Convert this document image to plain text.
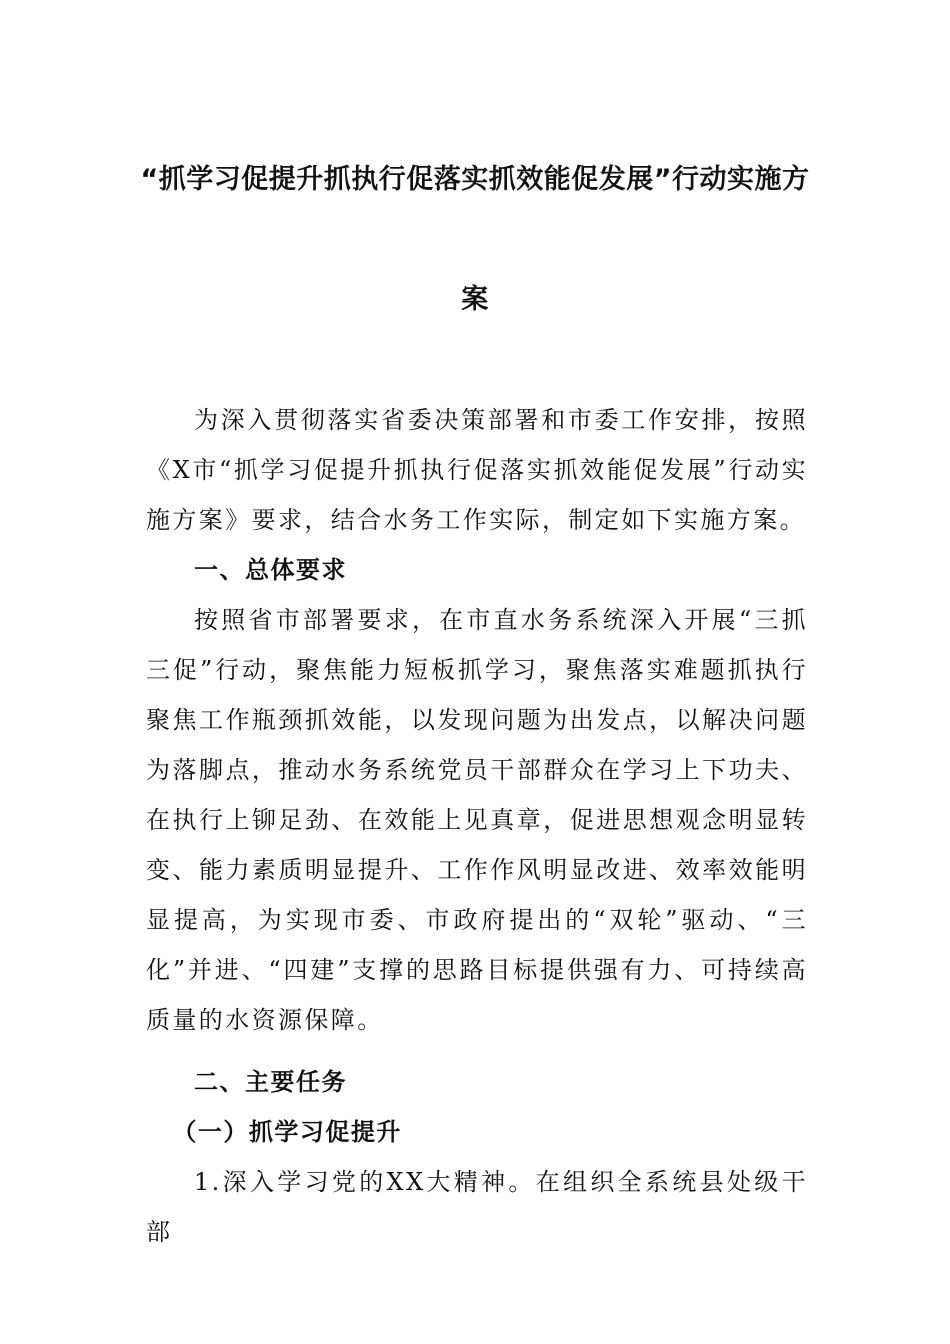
“抓学习促提升抓执行促落实抓效能促发展”行动实施方
案

为深入贯彻落实省委决策部署和市委工作安排，按照《X市“抓学习促提升抓执行促落实抓效能促发展”行动实施方案》要求，结合水务工作实际，制定如下实施方案。

一、总体要求

按照省市部署要求，在市直水务系统深入开展“三抓三促”行动，聚焦能力短板抓学习，聚焦落实难题抓执行聚焦工作瓶颈抓效能，以发现问题为出发点，以解决问题为落脚点，推动水务系统党员干部群众在学习上下功夫、在执行上铆足劲、在效能上见真章，促进思想观念明显转变、能力素质明显提升、工作作风明显改进、效率效能明显提高，为实现市委、市政府提出的“双轮”驱动、“三化”并进、“四建”支撑的思路目标提供强有力、可持续高质量的水资源保障。

二、主要任务

（一）抓学习促提升

1.深入学习党的XX大精神。在组织全系统县处级干部
